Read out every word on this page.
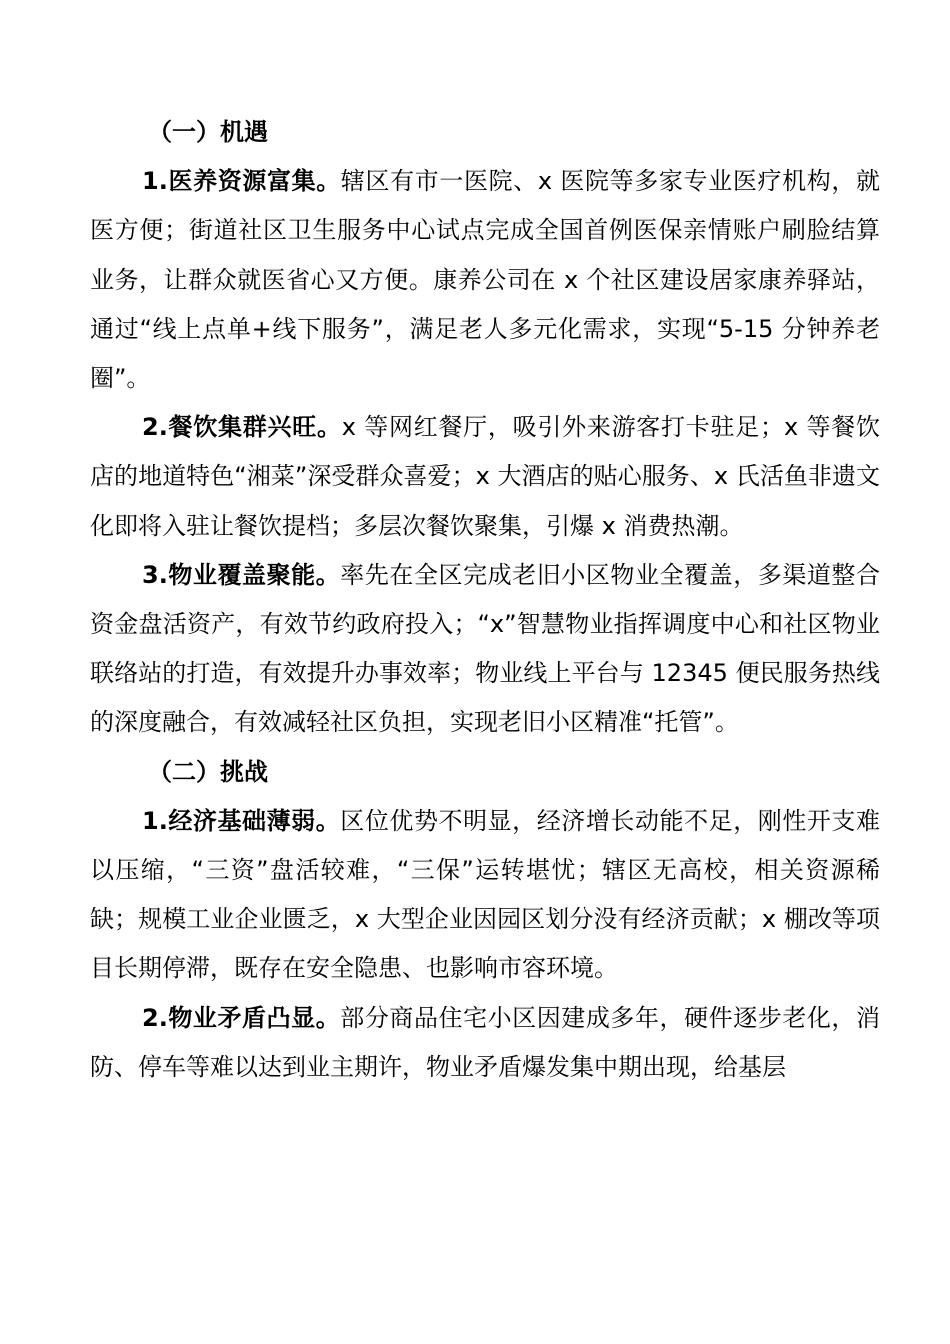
（一）机遇

1.医养资源富集。辖区有市一医院、x 医院等多家专业医疗机构，就医方便；街道社区卫生服务中心试点完成全国首例医保亲情账户刷脸结算业务，让群众就医省心又方便。康养公司在 x 个社区建设居家康养驿站，通过“线上点单+线下服务”，满足老人多元化需求，实现“5-15 分钟养老圈”。

2.餐饮集群兴旺。x 等网红餐厅，吸引外来游客打卡驻足；x 等餐饮店的地道特色“湘菜”深受群众喜爱；x 大酒店的贴心服务、x 氏活鱼非遗文化即将入驻让餐饮提档；多层次餐饮聚集，引爆 x 消费热潮。

3.物业覆盖聚能。率先在全区完成老旧小区物业全覆盖，多渠道整合资金盘活资产，有效节约政府投入；“x”智慧物业指挥调度中心和社区物业联络站的打造，有效提升办事效率；物业线上平台与 12345 便民服务热线的深度融合，有效减轻社区负担，实现老旧小区精准“托管”。

（二）挑战

1.经济基础薄弱。区位优势不明显，经济增长动能不足，刚性开支难以压缩，“三资”盘活较难，“三保”运转堪忧；辖区无高校，相关资源稀缺；规模工业企业匮乏，x 大型企业因园区划分没有经济贡献；x 棚改等项目长期停滞，既存在安全隐患、也影响市容环境。

2.物业矛盾凸显。部分商品住宅小区因建成多年，硬件逐步老化，消防、停车等难以达到业主期许，物业矛盾爆发集中期出现，给基层
